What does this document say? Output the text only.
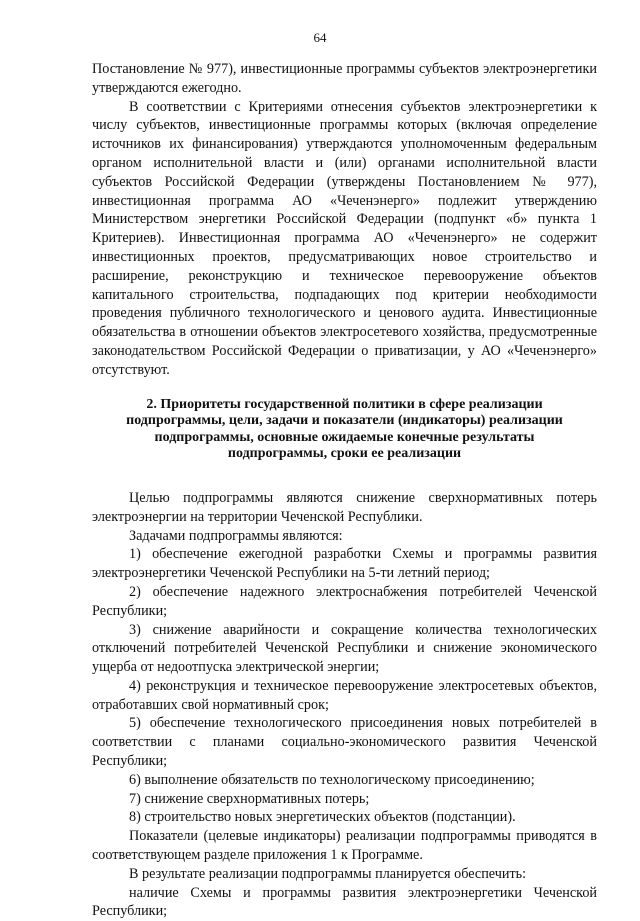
64

Постановление № 977), инвестиционные программы субъектов электроэнергетики утверждаются ежегодно.

В соответствии с Критериями отнесения субъектов электроэнергетики к числу субъектов, инвестиционные программы которых (включая определение источников их финансирования) утверждаются уполномоченным федеральным органом исполнительной власти и (или) органами исполнительной власти субъектов Российской Федерации (утверждены Постановлением № 977), инвестиционная программа АО «Чеченэнерго» подлежит утверждению Министерством энергетики Российской Федерации (подпункт «б» пункта 1 Критериев). Инвестиционная программа АО «Чеченэнерго» не содержит инвестиционных проектов, предусматривающих новое строительство и расширение, реконструкцию и техническое перевооружение объектов капитального строительства, подпадающих под критерии необходимости проведения публичного технологического и ценового аудита. Инвестиционные обязательства в отношении объектов электросетевого хозяйства, предусмотренные законодательством Российской Федерации о приватизации, у АО «Чеченэнерго» отсутствуют.

2. Приоритеты государственной политики в сфере реализации
подпрограммы, цели, задачи и показатели (индикаторы) реализации
подпрограммы, основные ожидаемые конечные результаты
подпрограммы, сроки ее реализации

Целью подпрограммы являются снижение сверхнормативных потерь электроэнергии на территории Чеченской Республики.

Задачами подпрограммы являются:

1) обеспечение ежегодной разработки Схемы и программы развития электроэнергетики Чеченской Республики на 5-ти летний период;

2) обеспечение надежного электроснабжения потребителей Чеченской Республики;

3) снижение аварийности и сокращение количества технологических отключений потребителей Чеченской Республики и снижение экономического ущерба от недоотпуска электрической энергии;

4) реконструкция и техническое перевооружение электросетевых объектов, отработавших свой нормативный срок;

5) обеспечение технологического присоединения новых потребителей в соответствии с планами социально-экономического развития Чеченской Республики;

6) выполнение обязательств по технологическому присоединению;

7) снижение сверхнормативных потерь;

8) строительство новых энергетических объектов (подстанции).

Показатели (целевые индикаторы) реализации подпрограммы приводятся в соответствующем разделе приложения 1 к Программе.

В результате реализации подпрограммы планируется обеспечить:

наличие Схемы и программы развития электроэнергетики Чеченской Республики;
